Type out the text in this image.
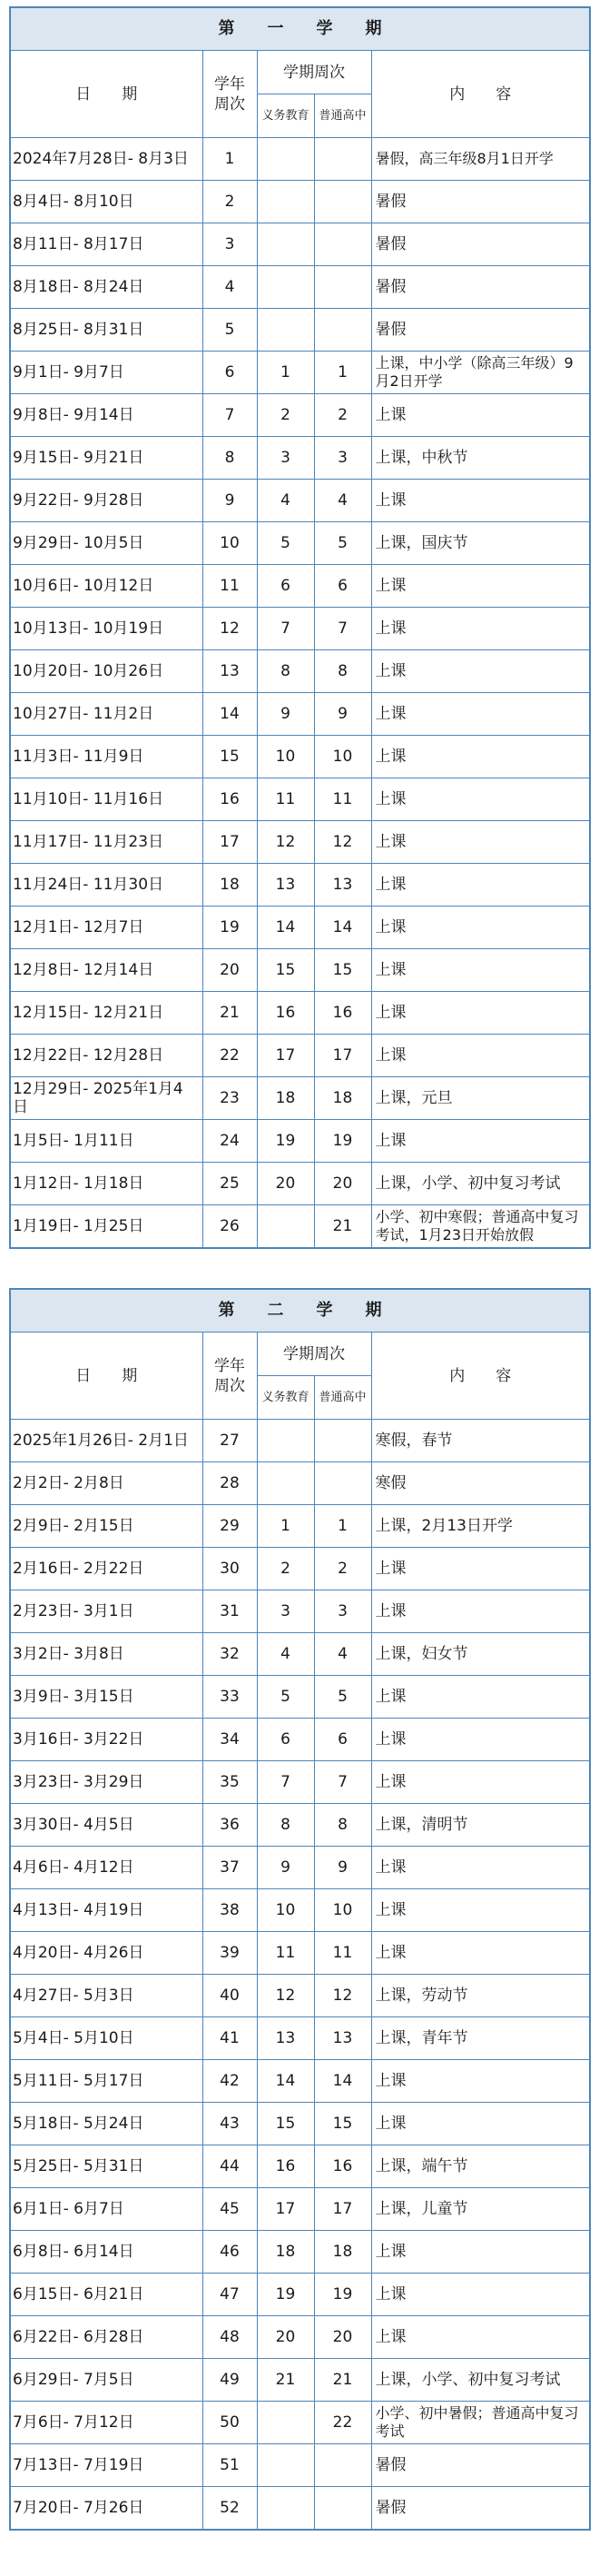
第　　一　　学　　期				
日　　期	学年
周次	学期周次		内　　容
		义务教育	普通高中	
2024年7月28日- 8月3日	1			暑假，高三年级8月1日开学
8月4日- 8月10日	2			暑假
8月11日- 8月17日	3			暑假
8月18日- 8月24日	4			暑假
8月25日- 8月31日	5			暑假
9月1日- 9月7日	6	1	1	上课，中小学（除高三年级）9月2日开学
9月8日- 9月14日	7	2	2	上课
9月15日- 9月21日	8	3	3	上课，中秋节
9月22日- 9月28日	9	4	4	上课
9月29日- 10月5日	10	5	5	上课，国庆节
10月6日- 10月12日	11	6	6	上课
10月13日- 10月19日	12	7	7	上课
10月20日- 10月26日	13	8	8	上课
10月27日- 11月2日	14	9	9	上课
11月3日- 11月9日	15	10	10	上课
11月10日- 11月16日	16	11	11	上课
11月17日- 11月23日	17	12	12	上课
11月24日- 11月30日	18	13	13	上课
12月1日- 12月7日	19	14	14	上课
12月8日- 12月14日	20	15	15	上课
12月15日- 12月21日	21	16	16	上课
12月22日- 12月28日	22	17	17	上课
12月29日- 2025年1月4日	23	18	18	上课，元旦
1月5日- 1月11日	24	19	19	上课
1月12日- 1月18日	25	20	20	上课，小学、初中复习考试
1月19日- 1月25日	26		21	小学、初中寒假；普通高中复习考试，1月23日开始放假
第　　二　　学　　期				
日　　期	学年
周次	学期周次		内　　容
		义务教育	普通高中	
2025年1月26日- 2月1日	27			寒假，春节
2月2日- 2月8日	28			寒假
2月9日- 2月15日	29	1	1	上课，2月13日开学
2月16日- 2月22日	30	2	2	上课
2月23日- 3月1日	31	3	3	上课
3月2日- 3月8日	32	4	4	上课，妇女节
3月9日- 3月15日	33	5	5	上课
3月16日- 3月22日	34	6	6	上课
3月23日- 3月29日	35	7	7	上课
3月30日- 4月5日	36	8	8	上课，清明节
4月6日- 4月12日	37	9	9	上课
4月13日- 4月19日	38	10	10	上课
4月20日- 4月26日	39	11	11	上课
4月27日- 5月3日	40	12	12	上课，劳动节
5月4日- 5月10日	41	13	13	上课，青年节
5月11日- 5月17日	42	14	14	上课
5月18日- 5月24日	43	15	15	上课
5月25日- 5月31日	44	16	16	上课，端午节
6月1日- 6月7日	45	17	17	上课，儿童节
6月8日- 6月14日	46	18	18	上课
6月15日- 6月21日	47	19	19	上课
6月22日- 6月28日	48	20	20	上课
6月29日- 7月5日	49	21	21	上课，小学、初中复习考试
7月6日- 7月12日	50		22	小学、初中暑假；普通高中复习考试
7月13日- 7月19日	51			暑假
7月20日- 7月26日	52			暑假
